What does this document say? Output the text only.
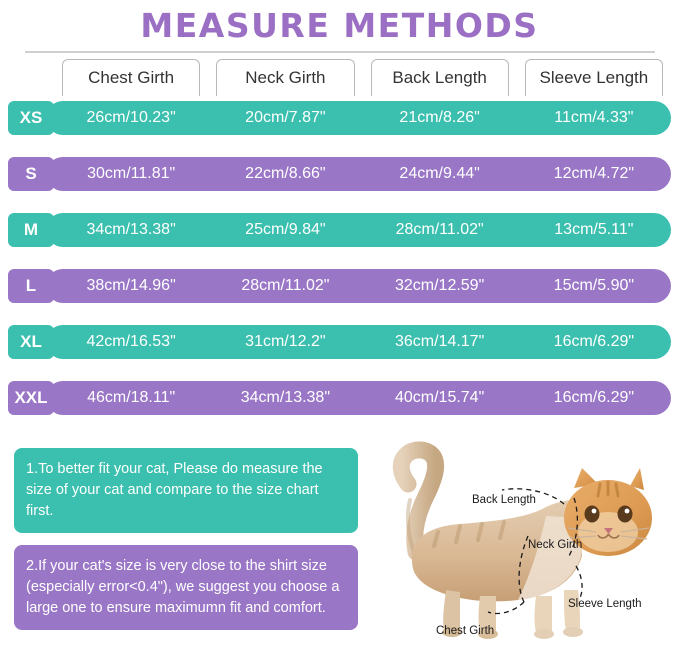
MEASURE METHODS
Chest Girth	Neck Girth	Back Length	Sleeve Length
XS	26cm/10.23"	20cm/7.87"	21cm/8.26"	11cm/4.33"
S	30cm/11.81"	22cm/8.66"	24cm/9.44"	12cm/4.72"
M	34cm/13.38"	25cm/9.84"	28cm/11.02"	13cm/5.11"
L	38cm/14.96"	28cm/11.02"	32cm/12.59"	15cm/5.90"
XL	42cm/16.53"	31cm/12.2"	36cm/14.17"	16cm/6.29"
XXL	46cm/18.11"	34cm/13.38"	40cm/15.74"	16cm/6.29"
1.To better fit your cat, Please do measure the size of your cat and compare to the size chart first.
2.If your cat's size is very close to the shirt size (especially error<0.4"), we suggest you choose a large one to ensure maximumn fit and comfort.
Back Length
Neck Girth
Sleeve Length
Chest Girth
